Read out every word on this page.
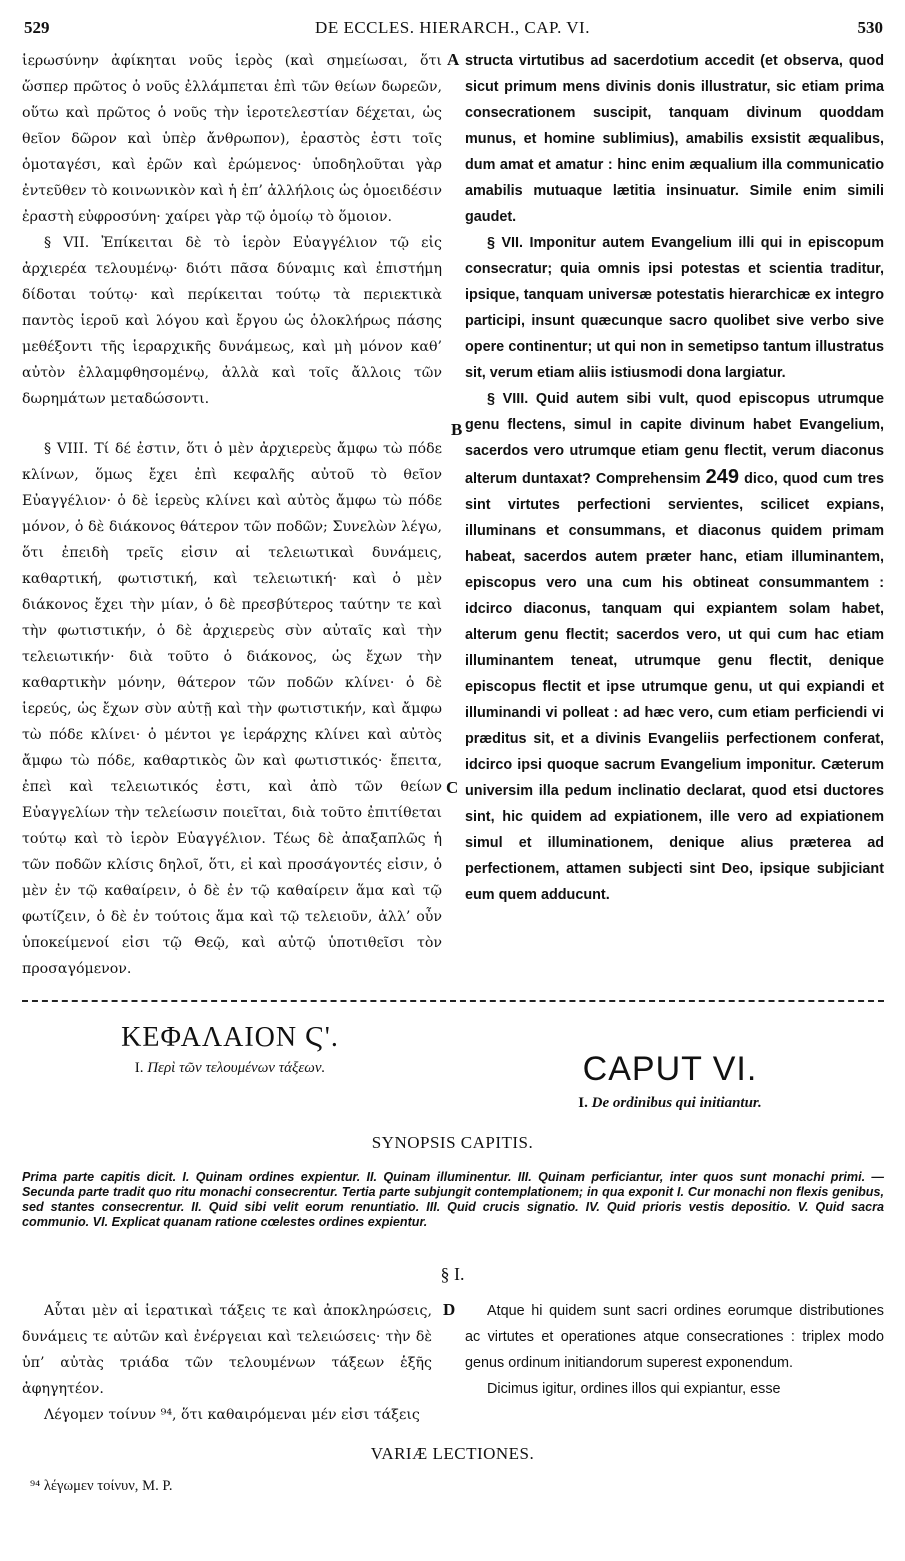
529	DE ECCLES. HIERARCH., CAP. VI.	530

ἱερωσύνην ἀφίκηται νοῦς ἱερὸς (καὶ σημείωσαι, ὅτι ὥσπερ πρῶτος ὁ νοῦς ἐλλάμπεται ἐπὶ τῶν θείων δωρεῶν, οὕτω καὶ πρῶτος ὁ νοῦς τὴν ἱερoτελεστίαν δέχεται, ὡς θεῖον δῶρον καὶ ὑπὲρ ἄνθρωπον), ἐραστὸς ἐστι τοῖς ὁμοταγέσι, καὶ ἐρῶν καὶ ἐρώμενος· ὑποδηλοῦται γὰρ ἐντεῦθεν τὸ κοινωνικὸν καὶ ἡ ἐπ’ ἀλλήλοις ὡς ὁμοειδέσιν ἐραστὴ εὐφροσύνη· χαίρει γὰρ τῷ ὁμοίῳ τὸ ὅμοιον.

§ VII. Ἐπίκειται δὲ τὸ ἱερὸν Εὐαγγέλιον τῷ εἰς ἀρχιερέα τελουμένῳ· διότι πᾶσα δύναμις καὶ ἐπιστήμη δίδοται τούτῳ· καὶ περίκειται τούτῳ τὰ περιεκτικὰ παντὸς ἱεροῦ καὶ λόγου καὶ ἔργου ὡς ὁλοκλήρως πάσης μεθέξοντι τῆς ἱεραρχικῆς δυνάμεως, καὶ μὴ μόνον καθ’ αὐτὸν ἐλλαμφθησομένῳ, ἀλλὰ καὶ τοῖς ἄλλοις τῶν δωρημάτων μεταδώσοντι.

§ VIII. Τί δέ ἐστιν, ὅτι ὁ μὲν ἀρχιερεὺς ἄμφω τὼ πόδε κλίνων, ὅμως ἔχει ἐπὶ κεφαλῆς αὐτοῦ τὸ θεῖον Εὐαγγέλιον· ὁ δὲ ἱερεὺς κλίνει καὶ αὐτὸς ἄμφω τὼ πόδε μόνον, ὁ δὲ διάκονος θάτερον τῶν ποδῶν; Συνελὼν λέγω, ὅτι ἐπειδὴ τρεῖς εἰσιν αἱ τελειωτικαὶ δυνάμεις, καθαρτική, φωτιστική, καὶ τελειωτική· καὶ ὁ μὲν διάκονος ἔχει τὴν μίαν, ὁ δὲ πρεσβύτερος ταύτην τε καὶ τὴν φωτιστικήν, ὁ δὲ ἀρχιερεὺς σὺν αὐταῖς καὶ τὴν τελειωτικήν· διὰ τοῦτο ὁ διάκονος, ὡς ἔχων τὴν καθαρτικὴν μόνην, θάτερον τῶν ποδῶν κλίνει· ὁ δὲ ἱερεύς, ὡς ἔχων σὺν αὐτῇ καὶ τὴν φωτιστικήν, καὶ ἄμφω τὼ πόδε κλίνει· ὁ μέντοι γε ἱεράρχης κλίνει καὶ αὐτὸς ἄμφω τὼ πόδε, καθαρτικὸς ὢν καὶ φωτιστικός· ἔπειτα, ἐπεὶ καὶ τελειωτικός ἐστι, καὶ ἀπὸ τῶν θείων Εὐαγγελίων τὴν τελείωσιν ποιεῖται, διὰ τοῦτο ἐπιτίθεται τούτῳ καὶ τὸ ἱερὸν Εὐαγγέλιον. Τέως δὲ ἀπαξαπλῶς ἡ τῶν ποδῶν κλίσις δηλοῖ, ὅτι, εἰ καὶ προσάγοντές εἰσιν, ὁ μὲν ἐν τῷ καθαίρειν, ὁ δὲ ἐν τῷ καθαίρειν ἅμα καὶ τῷ φωτίζειν, ὁ δὲ ἐν τούτοις ἅμα καὶ τῷ τελειοῦν, ἀλλ’ οὖν ὑποκείμενοί εἰσι τῷ Θεῷ, καὶ αὐτῷ ὑποτιθεῖσι τὸν προσαγόμενον.

structa virtutibus ad sacerdotium accedit (et observa, quod sicut primum mens divinis donis illustratur, sic etiam prima consecrationem suscipit, tanquam divinum quoddam munus, et homine sublimius), amabilis exsistit æqualibus, dum amat et amatur : hinc enim æqualium illa communicatio amabilis mutuaque lætitia insinuatur. Simile enim simili gaudet.

§ VII. Imponitur autem Evangelium illi qui in episcopum consecratur; quia omnis ipsi potestas et scientia traditur, ipsique, tanquam universæ potestatis hierarchicæ ex integro participi, insunt quæcunque sacro quolibet sive verbo sive opere continentur; ut qui non in semetipso tantum illustratus sit, verum etiam aliis istiusmodi dona largiatur.

§ VIII. Quid autem sibi vult, quod episcopus utrumque genu flectens, simul in capite divinum habet Evangelium, sacerdos vero utrumque etiam genu flectit, verum diaconus alterum duntaxat? Comprehensim 249 dico, quod cum tres sint virtutes perfectioni servientes, scilicet expians, illuminans et consummans, et diaconus quidem primam habeat, sacerdos autem præter hanc, etiam illuminantem, episcopus vero una cum his obtineat consummantem : idcirco diaconus, tanquam qui expiantem solam habet, alterum genu flectit; sacerdos vero, ut qui cum hac etiam illuminantem teneat, utrumque genu flectit, denique episcopus flectit et ipse utrumque genu, ut qui expiandi et illuminandi vi polleat : ad hæc vero, cum etiam perficiendi vi præditus sit, et a divinis Evangeliis perfectionem conferat, idcirco ipsi quoque sacrum Evangelium imponitur. Cæterum universim illa pedum inclinatio declarat, quod etsi ductores sint, hic quidem ad expiationem, ille vero ad expiationem simul et illuminationem, denique alius præterea ad perfectionem, attamen subjecti sint Deo, ipsique subjiciant eum quem adducunt.

A
B
C
D
ΚΕΦΑΛΑΙΟΝ Ϛ'.
Ι. Περὶ τῶν τελουμένων τάξεων.	CAPUT VI.
I. De ordinibus qui initiantur.
SYNOPSIS CAPITIS.

Prima parte capitis dicit. I. Quinam ordines expientur. II. Quinam illuminentur. III. Quinam perficiantur, inter quos sunt monachi primi. — Secunda parte tradit quo ritu monachi consecrentur. Tertia parte subjungit contemplationem; in qua exponit I. Cur monachi non flexis genibus, sed stantes consecrentur. II. Quid sibi velit eorum renuntiatio. III. Quid crucis signatio. IV. Quid prioris vestis depositio. V. Quid sacra communio. VI. Explicat quanam ratione cœlestes ordines expientur.

§ I.

Αὗται μὲν αἱ ἱερατικαὶ τάξεις τε καὶ ἀποκληρώσεις, δυνάμεις τε αὐτῶν καὶ ἐνέργειαι καὶ τελειώσεις· τὴν δὲ ὑπ’ αὐτὰς τριάδα τῶν τελουμένων τάξεων ἑξῆς ἀφηγητέον.

Λέγομεν τοίνυν ⁹⁴, ὅτι καθαιρόμεναι μέν εἰσι τάξεις

Atque hi quidem sunt sacri ordines eorumque distributiones ac virtutes et operationes atque consecrationes : triplex modo genus ordinum initiandorum superest exponendum.

Dicimus igitur, ordines illos qui expiantur, esse

VARIÆ LECTIONES.
⁹⁴ λέγωμεν τοίνυν, M. P.
